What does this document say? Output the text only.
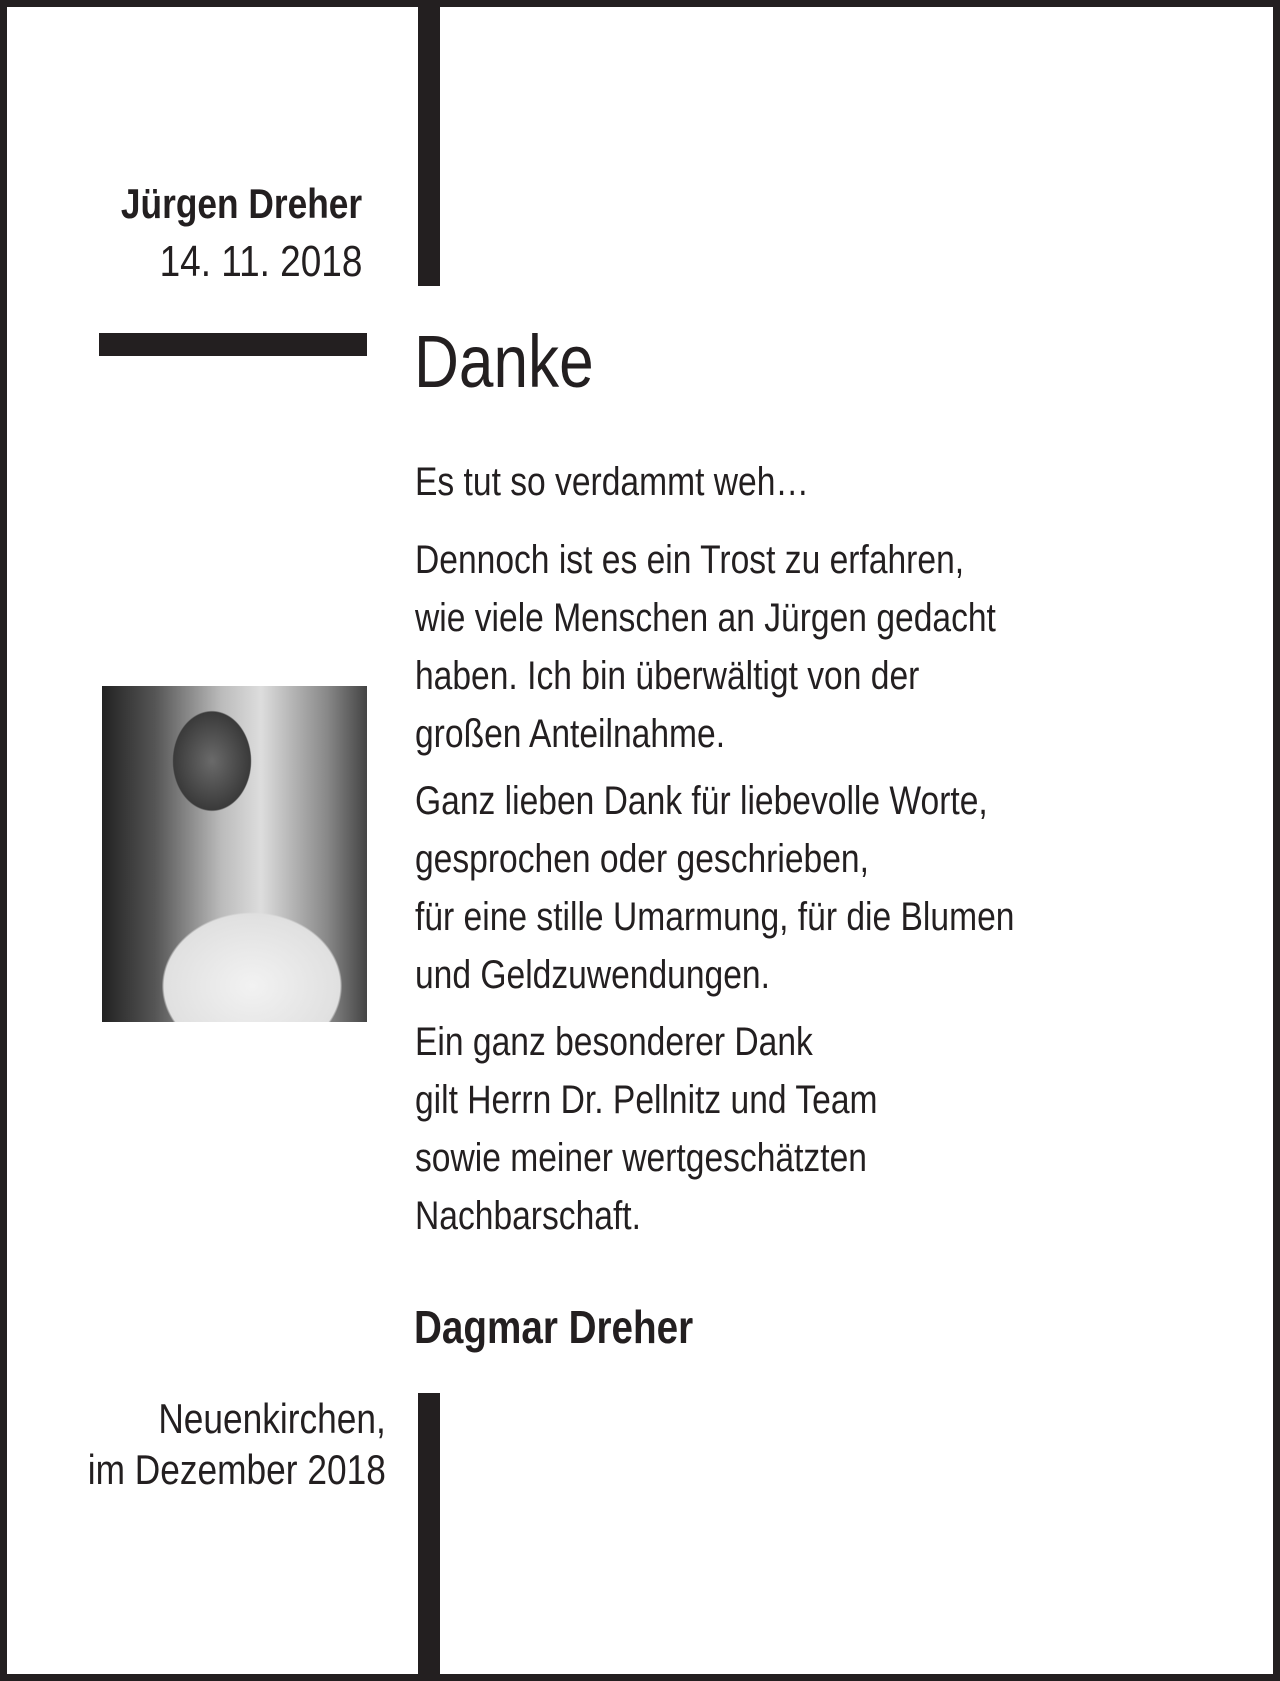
Jürgen Dreher
14. 11. 2018
Danke

Es tut so verdammt weh…

Dennoch ist es ein Trost zu erfahren,
wie viele Menschen an Jürgen gedacht
haben. Ich bin überwältigt von der
großen Anteilnahme.

Ganz lieben Dank für liebevolle Worte,
gesprochen oder geschrieben,
für eine stille Umarmung, für die Blumen
und Geldzuwendungen.

Ein ganz besonderer Dank
gilt Herrn Dr. Pellnitz und Team
sowie meiner wertgeschätzten
Nachbarschaft.

Dagmar Dreher
Neuenkirchen,
im Dezember 2018
